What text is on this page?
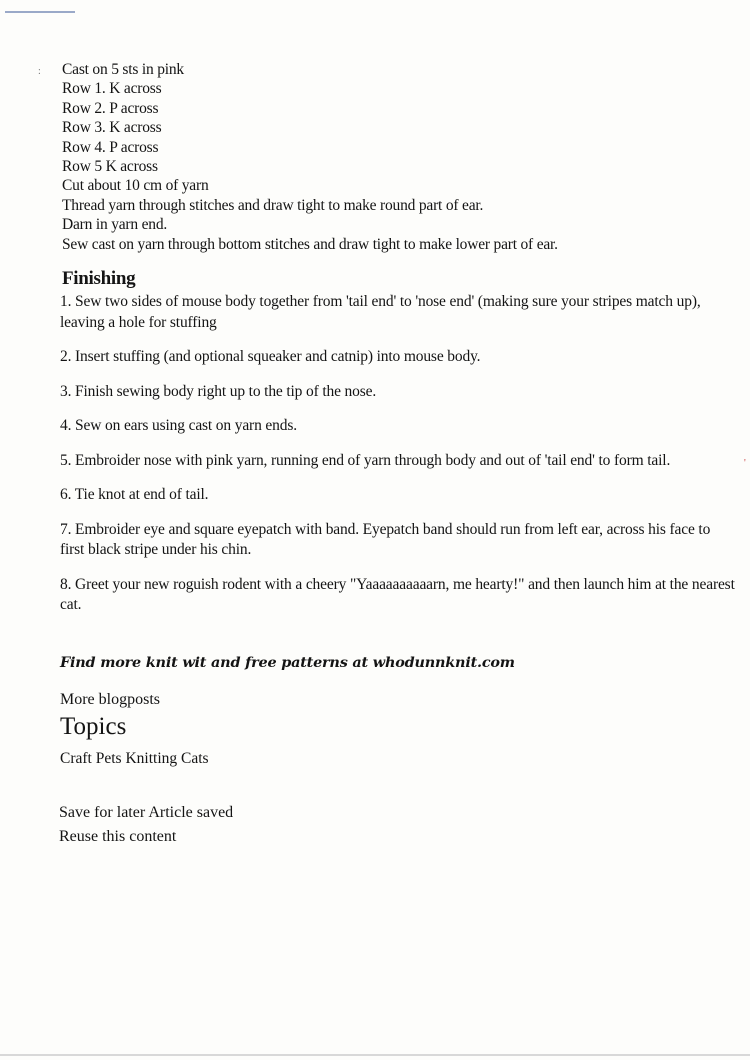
:
'
Cast on 5 sts in pink
Row 1. K across
Row 2. P across
Row 3. K across
Row 4. P across
Row 5 K across
Cut about 10 cm of yarn
Thread yarn through stitches and draw tight to make round part of ear.
Darn in yarn end.
Sew cast on yarn through bottom stitches and draw tight to make lower part of ear.
Finishing
1. Sew two sides of mouse body together from 'tail end' to 'nose end' (making sure your stripes match up), leaving a hole for stuffing
2. Insert stuffing (and optional squeaker and catnip) into mouse body.
3. Finish sewing body right up to the tip of the nose.
4. Sew on ears using cast on yarn ends.
5. Embroider nose with pink yarn, running end of yarn through body and out of 'tail end' to form tail.
6. Tie knot at end of tail.
7. Embroider eye and square eyepatch with band. Eyepatch band should run from left ear, across his face to first black stripe under his chin.
8. Greet your new roguish rodent with a cheery "Yaaaaaaaaaarn, me hearty!" and then launch him at the nearest cat.
Find more knit wit and free patterns at whodunnknit.com
More blogposts
Topics
Craft Pets Knitting Cats
Save for later Article saved
Reuse this content
